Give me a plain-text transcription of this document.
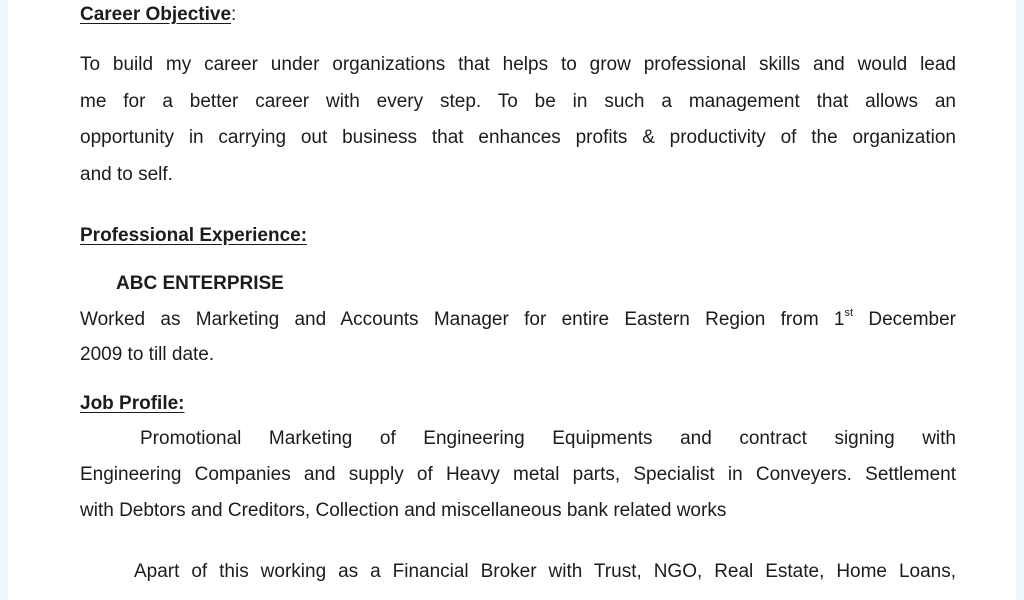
Career Objective:
To build my career under organizations that helps to grow professional skills and would lead
me for a better career with every step. To be in such a management that allows an
opportunity in carrying out business that enhances profits & productivity of the organization
and to self.
Professional Experience:
ABC ENTERPRISE
Worked as Marketing and Accounts Manager for entire Eastern Region from 1st December
2009 to till date.
Job Profile:
Promotional Marketing of Engineering Equipments and contract signing with
Engineering Companies and supply of Heavy metal parts, Specialist in Conveyers. Settlement
with Debtors and Creditors, Collection and miscellaneous bank related works
Apart of this working as a Financial Broker with Trust, NGO, Real Estate, Home Loans,
